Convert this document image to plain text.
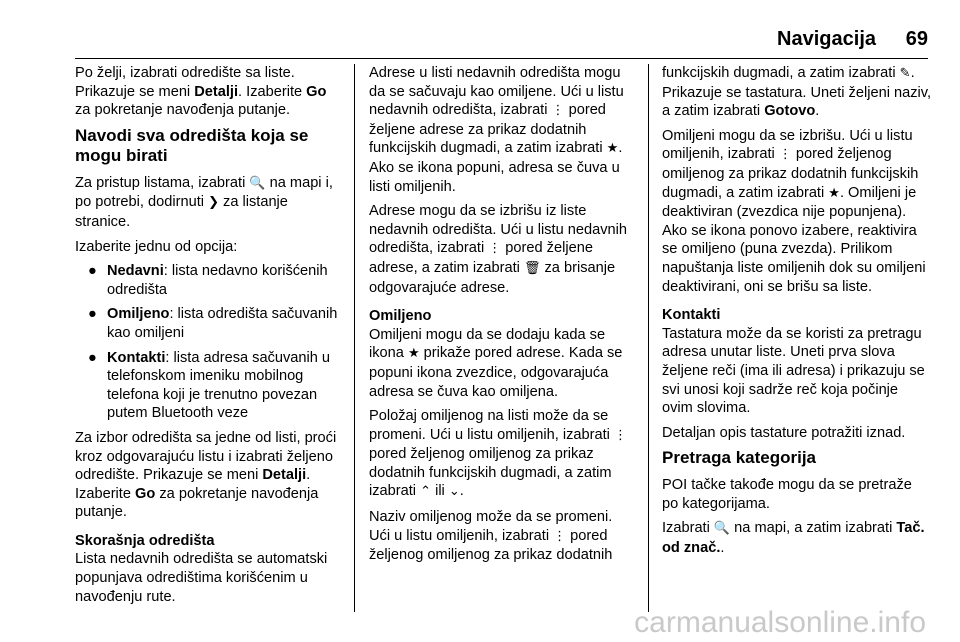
Navigacija 69

Po želji, izabrati odredište sa liste. Prikazuje se meni Detalji. Izaberite Go za pokretanje navođenja putanje.

Navodi sva odredišta koja se mogu birati

Za pristup listama, izabrati 🔍 na mapi i, po potrebi, dodirnuti ❯ za listanje stranice.

Izaberite jednu od opcija:

● Nedavni: lista nedavno korišćenih odredišta
● Omiljeno: lista odredišta sačuvanih kao omiljeni
● Kontakti: lista adresa sačuvanih u telefonskom imeniku mobilnog telefona koji je trenutno povezan putem Bluetooth veze

Za izbor odredišta sa jedne od listi, proći kroz odgovarajuću listu i izabrati željeno odredište. Prikazuje se meni Detalji. Izaberite Go za pokretanje navođenja putanje.

Skorašnja odredišta

Lista nedavnih odredišta se automatski popunjava odredištima korišćenim u navođenju rute.

Adrese u listi nedavnih odredišta mogu da se sačuvaju kao omiljene. Ući u listu nedavnih odredišta, izabrati ⋮ pored željene adrese za prikaz dodatnih funkcijskih dugmadi, a zatim izabrati ★. Ako se ikona popuni, adresa se čuva u listi omiljenih.

Adrese mogu da se izbrišu iz liste nedavnih odredišta. Ući u listu nedavnih odredišta, izabrati ⋮ pored željene adrese, a zatim izabrati 🗑 za brisanje odgovarajuće adrese.

Omiljeno

Omiljeni mogu da se dodaju kada se ikona ★ prikaže pored adrese. Kada se popuni ikona zvezdice, odgovarajuća adresa se čuva kao omiljena.

Položaj omiljenog na listi može da se promeni. Ući u listu omiljenih, izabrati ⋮ pored željenog omiljenog za prikaz dodatnih funkcijskih dugmadi, a zatim izabrati ⌃ ili ⌄.

Naziv omiljenog može da se promeni. Ući u listu omiljenih, izabrati ⋮ pored željenog omiljenog za prikaz dodatnih

funkcijskih dugmadi, a zatim izabrati ✎. Prikazuje se tastatura. Uneti željeni naziv, a zatim izabrati Gotovo.

Omiljeni mogu da se izbrišu. Ući u listu omiljenih, izabrati ⋮ pored željenog omiljenog za prikaz dodatnih funkcijskih dugmadi, a zatim izabrati ★. Omiljeni je deaktiviran (zvezdica nije popunjena). Ako se ikona ponovo izabere, reaktivira se omiljeno (puna zvezda). Prilikom napuštanja liste omiljenih dok su omiljeni deaktivirani, oni se brišu sa liste.

Kontakti

Tastatura može da se koristi za pretragu adresa unutar liste. Uneti prva slova željene reči (ima ili adresa) i prikazuju se svi unosi koji sadrže reč koja počinje ovim slovima.

Detaljan opis tastature potražiti iznad.

Pretraga kategorija

POI tačke takođe mogu da se pretraže po kategorijama.

Izabrati 🔍 na mapi, a zatim izabrati Tač. od znač..

carmanualsonline.info
